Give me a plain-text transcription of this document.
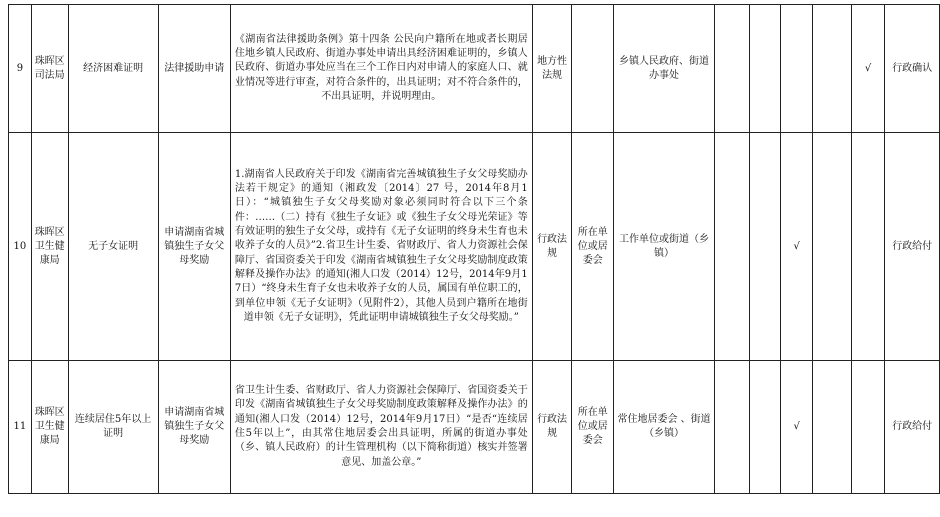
9	珠晖区司法局	经济困难证明	法律援助申请	《湖南省法律援助条例》第十四条 公民向户籍所在地或者长期居住地乡镇人民政府、街道办事处申请出具经济困难证明的，乡镇人民政府、街道办事处应当在三个工作日内对申请人的家庭人口、就业情况等进行审查，对符合条件的，出具证明；对不符合条件的，不出具证明，并说明理由。	地方性法规		乡镇人民政府、街道办事处					√	行政确认
10	珠晖区卫生健康局	无子女证明	申请湖南省城镇独生子女父母奖励	1.湖南省人民政府关于印发《湖南省完善城镇独生子女父母奖励办法若干规定》的通知（湘政发〔2014〕27 号，2014年8月1日）：“城镇独生子女父母奖励对象必须同时符合以下三个条件：……（二）持有《独生子女证》或《独生子女父母光荣证》等有效证明的独生子女父母，或持有《无子女证明的终身未生育也未收养子女的人员》”2.省卫生计生委、省财政厅、省人力资源社会保障厅、省国资委关于印发《湖南省城镇独生子女父母奖励制度政策解释及操作办法》的通知(湘人口发（2014）12号，2014年9月17日）“终身未生育子女也未收养子女的人员，属国有单位职工的，到单位申领《无子女证明》（见附件2），其他人员到户籍所在地街道申领《无子女证明》，凭此证明申请城镇独生子女父母奖励。”	行政法规	所在单位或居委会	工作单位或街道（乡镇）			√			行政给付
11	珠晖区卫生健康局	连续居住5年以上证明	申请湖南省城镇独生子女父母奖励	省卫生计生委、省财政厅、省人力资源社会保障厅、省国资委关于印发《湖南省城镇独生子女父母奖励制度政策解释及操作办法》的通知(湘人口发（2014）12号，2014年9月17日）“是否“连续居住5年以上”，由其常住地居委会出具证明，所属的街道办事处（乡、镇人民政府）的计生管理机构（以下简称街道）核实并签署意见、加盖公章。”	行政法规	所在单位或居委会	常住地居委会 、街道（乡镇）			√			行政给付
